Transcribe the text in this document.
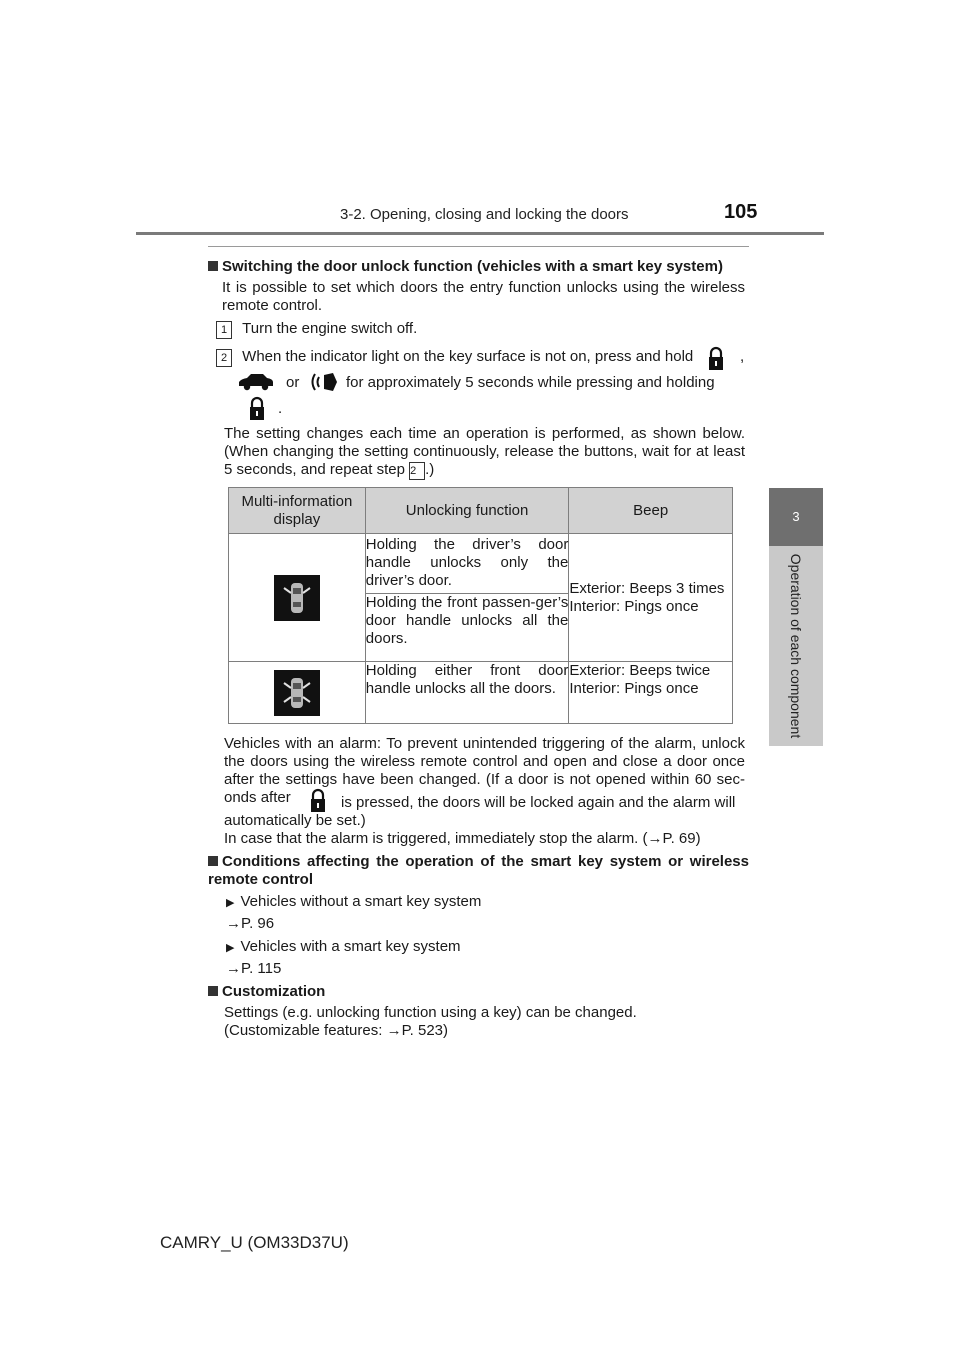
3-2. Opening, closing and locking the doors	105
3
Operation of each component
Switching the door unlock function (vehicles with a smart key system)
It is possible to set which doors the entry function unlocks using the wireless remote control.
1 Turn the engine switch off.
2 When the indicator light on the key surface is not on, press and hold	,
or	for approximately 5 seconds while pressing and holding
.
The setting changes each time an operation is performed, as shown below. (When changing the setting continuously, release the buttons, wait for at least 5 seconds, and repeat step 2 .)
Multi-information display	Unlocking function	Beep

	Holding the driver’s door handle unlocks only the driver’s door.	Exterior: Beeps 3 times
Interior: Pings once
	Holding the front passen-ger’s door handle unlocks all the doors.	

	Holding either front door handle unlocks all the doors.	Exterior: Beeps twice
Interior: Pings once
Vehicles with an alarm: To prevent unintended triggering of the alarm, unlock the doors using the wireless remote control and open and close a door once after the settings have been changed. (If a door is not opened within 60 sec-onds after	is pressed, the doors will be locked again and the alarm will automatically be set.)
In case that the alarm is triggered, immediately stop the alarm. (→P. 69)
Conditions affecting the operation of the smart key system or wireless remote control
▶ Vehicles without a smart key system
→P. 96
▶ Vehicles with a smart key system
→P. 115
Customization
Settings (e.g. unlocking function using a key) can be changed.
(Customizable features: →P. 523)
CAMRY_U (OM33D37U)
